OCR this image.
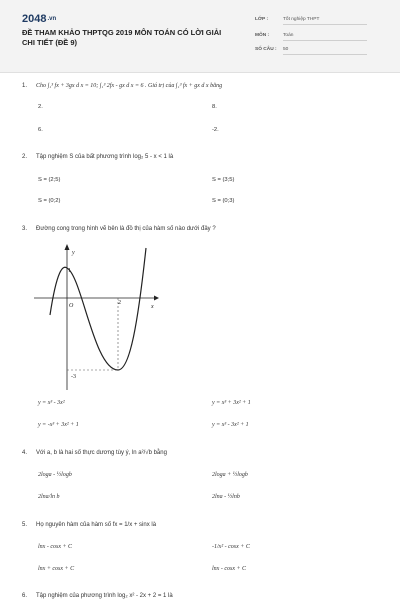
2048.vn
ĐỀ THAM KHẢO THPTQG 2019 MÔN TOÁN CÓ LỜI GIẢI CHI TIẾT (ĐỀ 9)
LỚP :	Tốt nghiệp THPT
MÔN :	Toán
SỐ CÂU : 50
1. Cho ∫₁³ fx + 3gx d x = 10; ∫₁³ 2fx - gx d x = 6 . Giá trị của ∫₁³ fx + gx d x bằng
2.	8.
6.	-2.
2. Tập nghiệm S của bất phương trình log₂ 5 - x < 1 là
S = (2;5)	S = (3;5)
S = (0;2)	S = (0;3)
3. Đường cong trong hình vẽ bên là đồ thị của hàm số nào dưới đây ?
y
x
O
1
2
-3
y = x³ - 3x²	y = x³ + 3x² + 1
y = -x³ + 3x² + 1	y = x³ - 3x² + 1
4. Với a, b là hai số thực dương tùy ý, ln a²/√b bằng
2loga - ½logb	2loga + ½logb
2lna/ln b	2lna - ½lnb
5. Họ nguyên hàm của hàm số fx = 1/x + sinx là
lnx - cosx + C	-1/x² - cosx + C
lnx + cosx + C	lnx - cosx + C
6. Tập nghiệm của phương trình log₂ x² - 2x + 2 = 1 là
